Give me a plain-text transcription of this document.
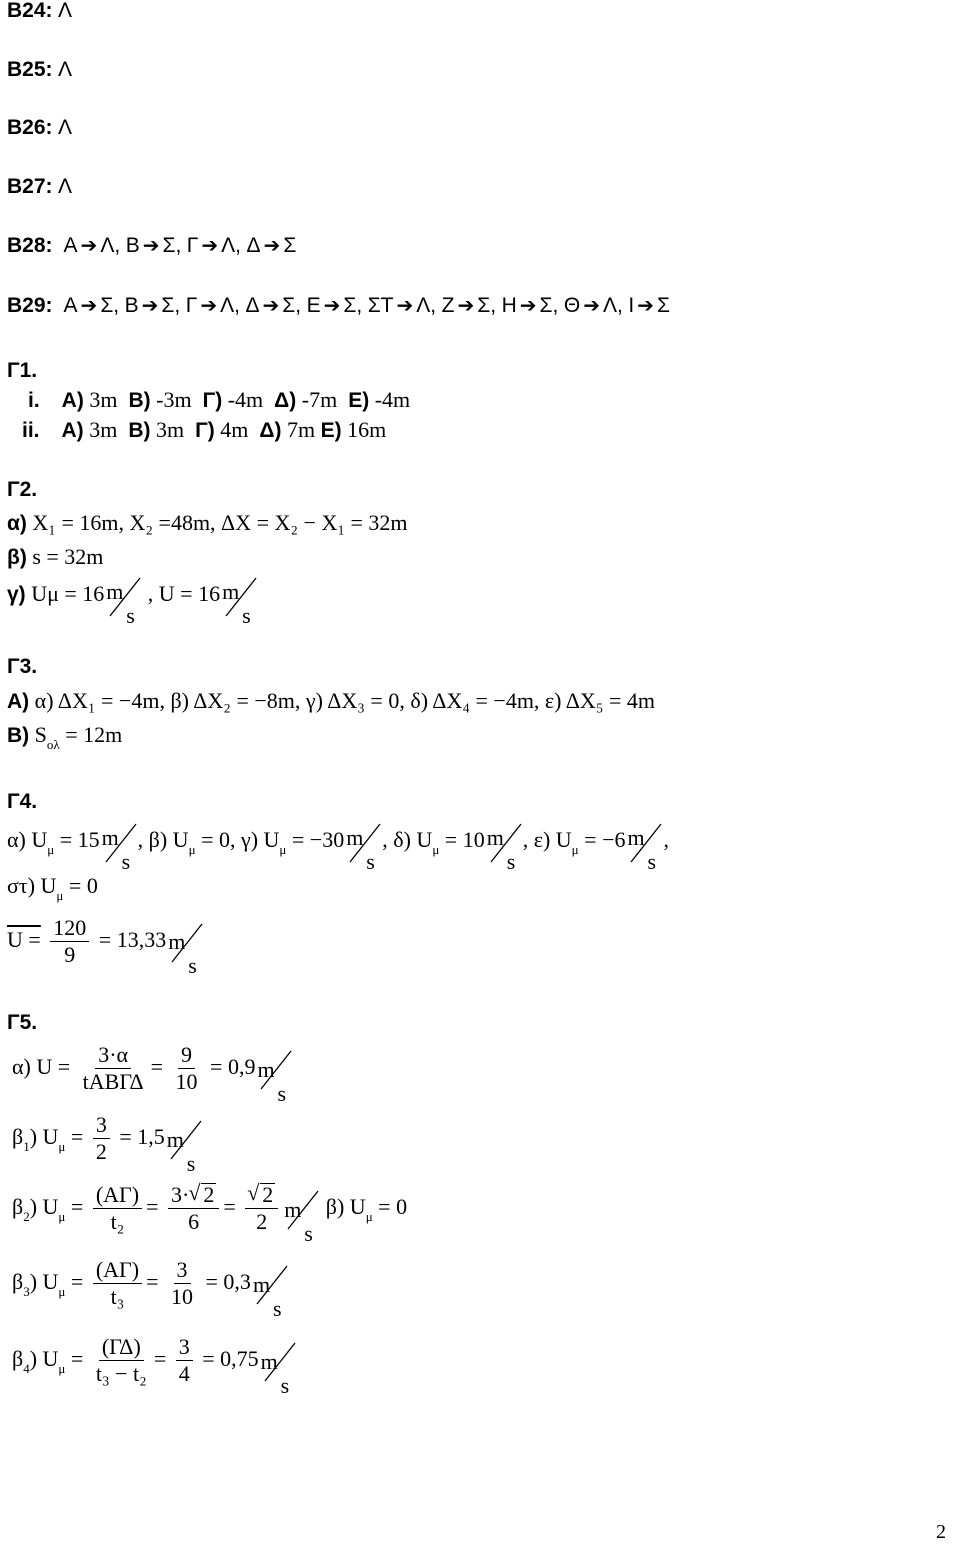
B24: Λ
B25: Λ
B26: Λ
B27: Λ
B28: A ➔ Λ, B ➔ Σ, Γ ➔ Λ, Δ ➔ Σ
B29: A ➔ Σ, B ➔ Σ, Γ ➔ Λ, Δ ➔ Σ, E ➔ Σ, ΣΤ ➔ Λ, Z ➔ Σ, H ➔ Σ, Θ ➔ Λ, I ➔ Σ
Γ1.
i. A) 3m B) -3m Γ) -4m Δ) -7m E) -4m
ii. A) 3m B) 3m Γ) 4m Δ) 7m E) 16m
Γ2.
α) X₁ = 16m, X₂ =48m, ΔX = X₂ − X₁ = 32m
β) s = 32m
γ) Uμ = 16 m
s
, U = 16 m
s
Γ3.
A) α) ΔX₁ = −4m, β) ΔX₂ = −8m, γ) ΔX₃ = 0, δ) ΔX₄ = −4m, ε) ΔX₅ = 4m
B) $S_{o\lambda} = 12m$
Γ4.
α) $U_\mu = 15$ m
s
, β) $U_\mu = 0$, γ) $U_\mu = -30$ m
s
, δ) $U_\mu = 10$ m
s
, ε) $U_\mu = -6$ m
s
,
στ) $U_\mu = 0$
$U = \frac{120}{9} = 13,33$ m
s
Γ5.
α) $U = \frac{3\cdot\alpha}{\text{tΑΒΓΔ}} = \frac{9}{10} = 0,9$ m
s
$\beta_1$) $U_\mu = \frac{3}{2} = 1,5$ m
s
$\beta_2$) $U_\mu = \frac{(A\Gamma)}{\text{t₂}} = \frac{3\cdot √ 2}{6}$ = √ $\frac{2}{2}$ m
s
β) $U_\mu = 0$
$\beta_3$) $U_\mu = \frac{(A\Gamma)}{\text{t₃}} = \frac{3}{10} = 0,3$ m
s
$\beta_4$) $U_\mu = \frac{(\Gamma\Delta)}{\text{t₃ − t₂}} = \frac{3}{4} = 0,75$ m
s
2
